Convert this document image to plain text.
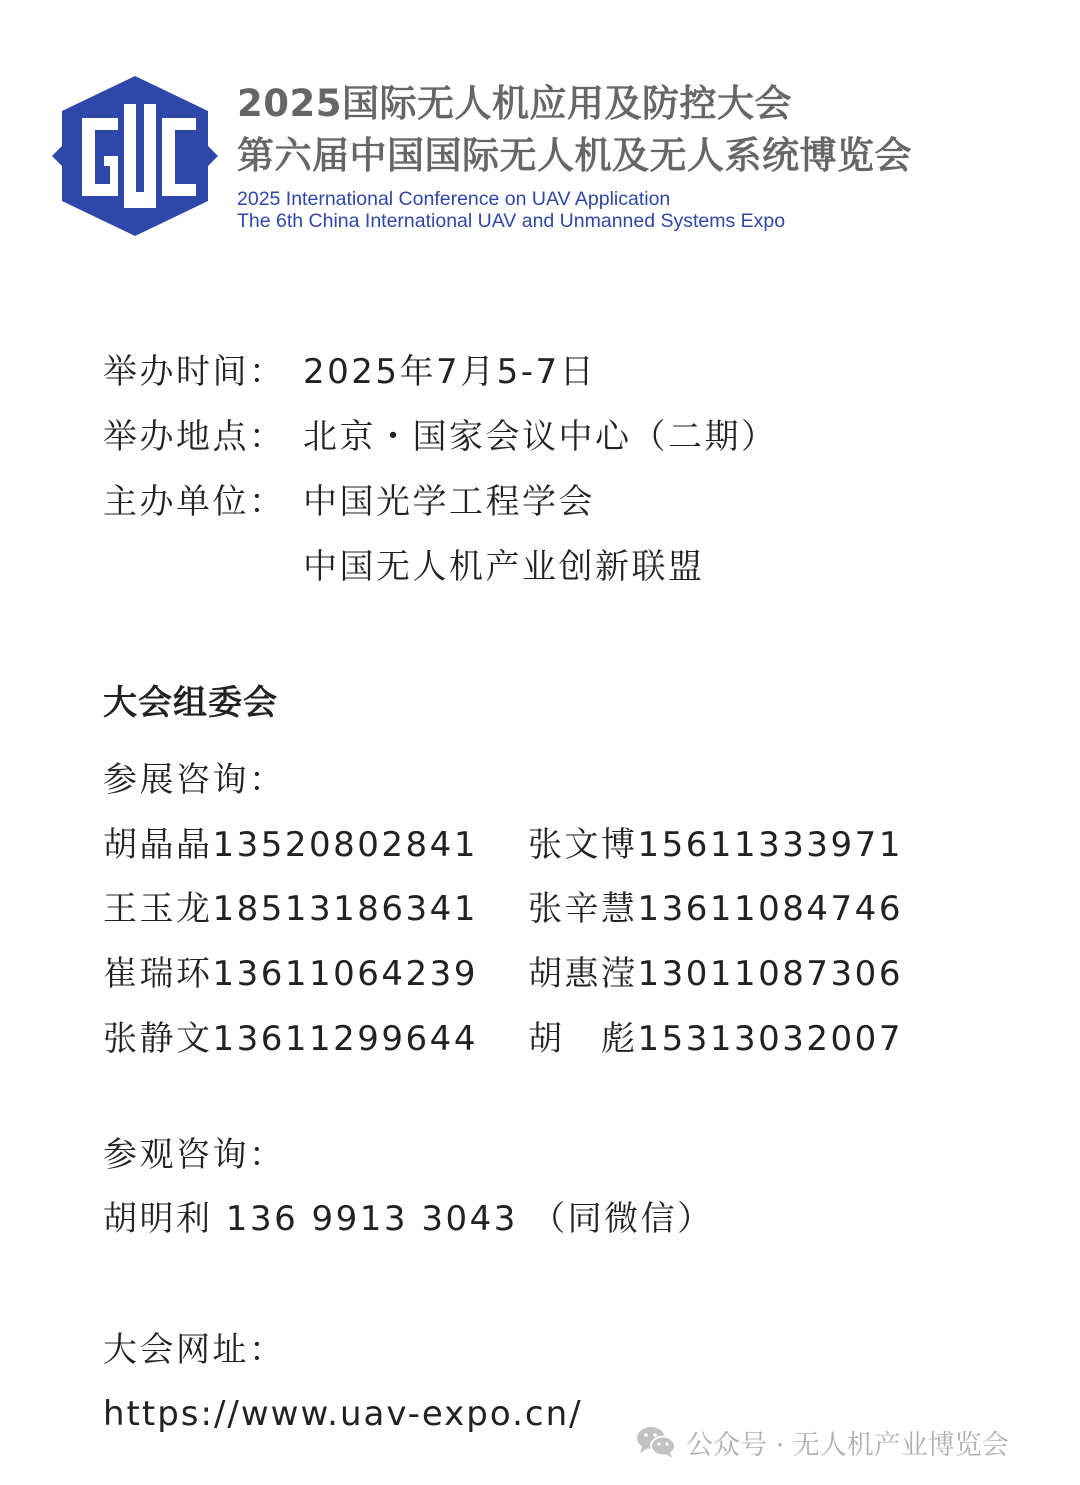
2025国际无人机应用及防控大会
第六届中国国际无人机及无人系统博览会
2025 International Conference on UAV Application
The 6th China International UAV and Unmanned Systems Expo
举办时间： 2025年7月5-7日
举办地点： 北京・国家会议中心（二期）
主办单位： 中国光学工程学会
中国无人机产业创新联盟
大会组委会
参展咨询：
胡晶晶13520802841 张文博15611333971
王玉龙18513186341 张辛慧13611084746
崔瑞环13611064239 胡惠滢13011087306
张静文13611299644 胡　彪15313032007
参观咨询：
胡明利 136 9913 3043 （同微信）
大会网址：
https://www.uav-expo.cn/
公众号 · 无人机产业博览会
